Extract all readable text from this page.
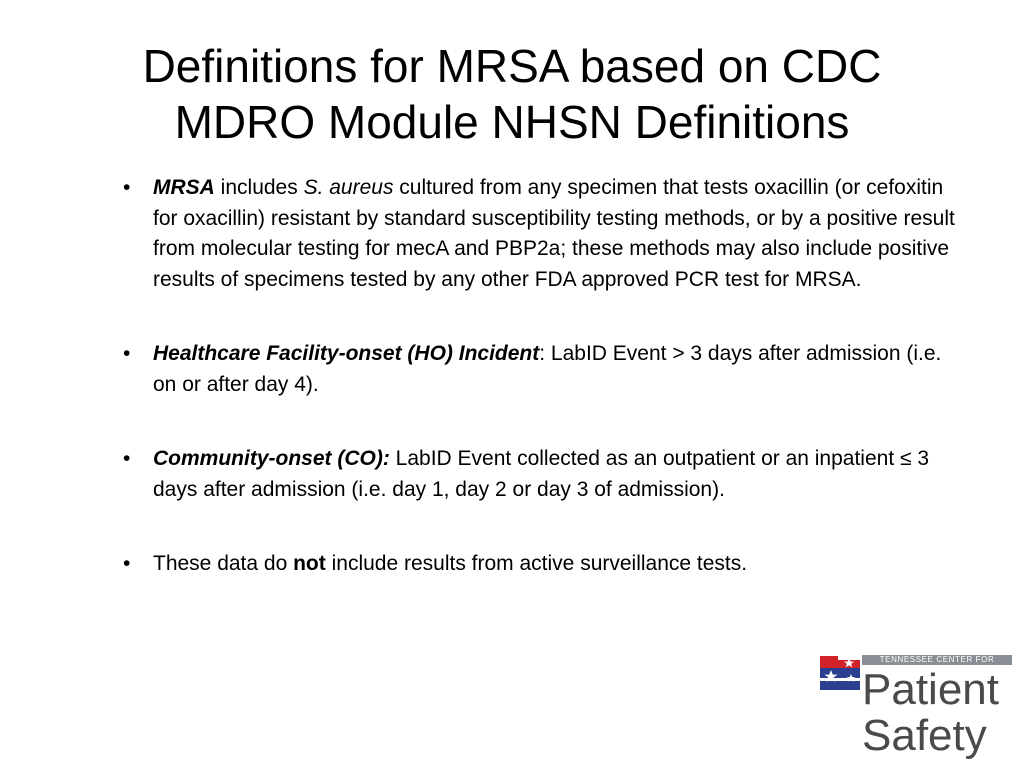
Definitions for MRSA based on CDC
MDRO Module NHSN Definitions
• MRSA includes S. aureus cultured from any specimen that tests oxacillin (or cefoxitin for oxacillin) resistant by standard susceptibility testing methods, or by a positive result from molecular testing for mecA and PBP2a; these methods may also include positive results of specimens tested by any other FDA approved PCR test for MRSA.
• Healthcare Facility-onset (HO) Incident: LabID Event > 3 days after admission (i.e. on or after day 4).
• Community-onset (CO): LabID Event collected as an outpatient or an inpatient ≤ 3 days after admission (i.e. day 1, day 2 or day 3 of admission).
• These data do not include results from active surveillance tests.
TENNESSEE CENTER FOR
Patient
Safety
